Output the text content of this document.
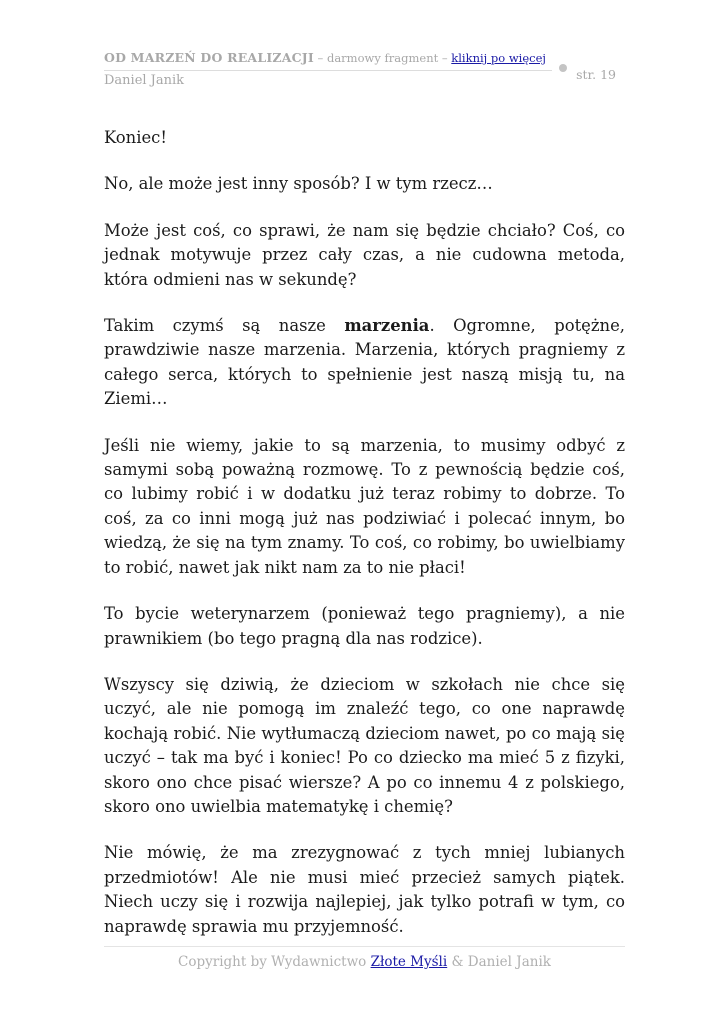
OD MARZEŃ DO REALIZACJI – darmowy fragment – kliknij po więcej
Daniel Janik	str. 19

Koniec!

No, ale może jest inny sposób? I w tym rzecz…

Może jest coś, co sprawi, że nam się będzie chciało? Coś, co jednak motywuje przez cały czas, a nie cudowna metoda, która odmieni nas w sekundę?

Takim czymś są nasze marzenia. Ogromne, potężne, prawdziwie nasze marzenia. Marzenia, których pragniemy z całego serca, których to spełnienie jest naszą misją tu, na Ziemi…

Jeśli nie wiemy, jakie to są marzenia, to musimy odbyć z samymi sobą poważną rozmowę. To z pewnością będzie coś, co lubimy robić i w dodatku już teraz robimy to dobrze. To coś, za co inni mogą już nas podziwiać i polecać innym, bo wiedzą, że się na tym znamy. To coś, co robimy, bo uwielbiamy to robić, nawet jak nikt nam za to nie płaci!

To bycie weterynarzem (ponieważ tego pragniemy), a nie prawnikiem (bo tego pragną dla nas rodzice).

Wszyscy się dziwią, że dzieciom w szkołach nie chce się uczyć, ale nie pomogą im znaleźć tego, co one naprawdę kochają robić. Nie wytłumaczą dzieciom nawet, po co mają się uczyć – tak ma być i koniec! Po co dziecko ma mieć 5 z fizyki, skoro ono chce pisać wiersze? A po co innemu 4 z polskiego, skoro ono uwielbia matematykę i chemię?

Nie mówię, że ma zrezygnować z tych mniej lubianych przedmiotów! Ale nie musi mieć przecież samych piątek. Niech uczy się i rozwija najlepiej, jak tylko potrafi w tym, co naprawdę sprawia mu przyjemność.

Copyright by Wydawnictwo Złote Myśli & Daniel Janik
